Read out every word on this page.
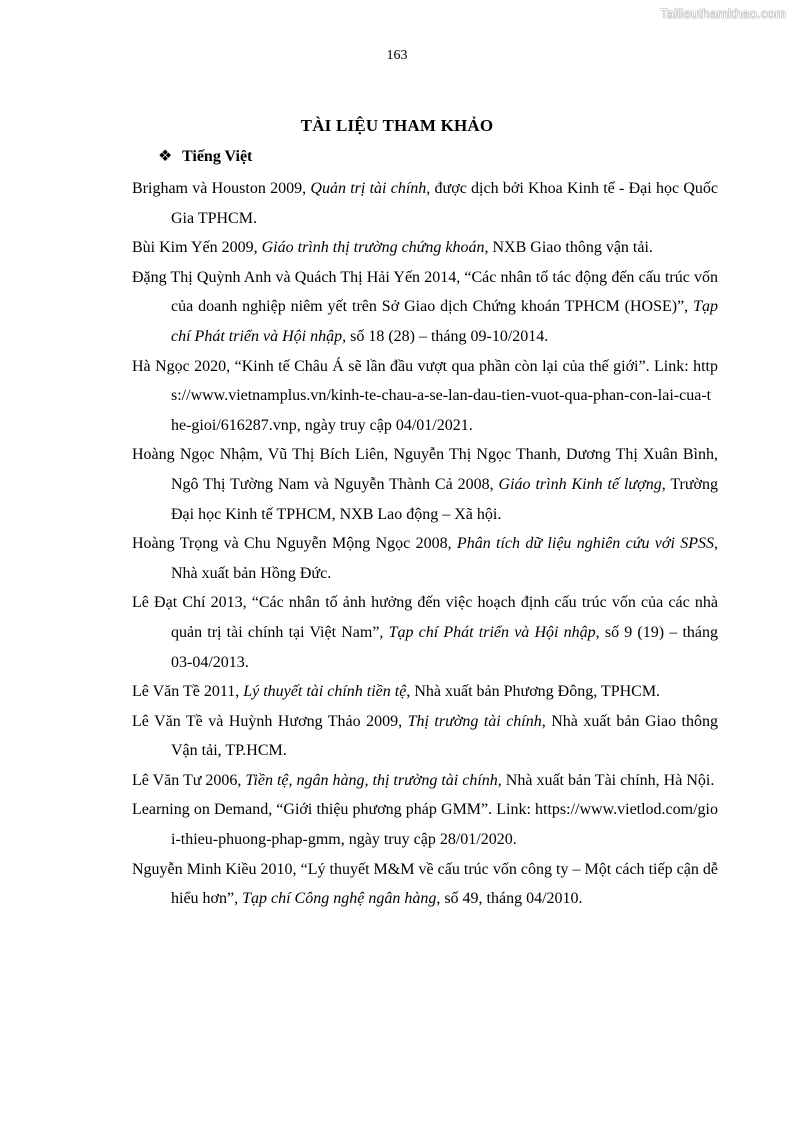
Tailieuthamkhao.com
163
TÀI LIỆU THAM KHẢO
❖ Tiếng Việt
Brigham và Houston 2009, Quản trị tài chính, được dịch bởi Khoa Kinh tế - Đại học Quốc Gia TPHCM.
Bùi Kim Yến 2009, Giáo trình thị trường chứng khoán, NXB Giao thông vận tải.
Đặng Thị Quỳnh Anh và Quách Thị Hải Yến 2014, “Các nhân tố tác động đến cấu trúc vốn của doanh nghiệp niêm yết trên Sở Giao dịch Chứng khoán TPHCM (HOSE)”, Tạp chí Phát triển và Hội nhập, số 18 (28) – tháng 09-10/2014.
Hà Ngọc 2020, “Kinh tế Châu Á sẽ lần đầu vượt qua phần còn lại của thế giới”. Link: https://www.vietnamplus.vn/kinh-te-chau-a-se-lan-dau-tien-vuot-qua-phan-con-lai-cua-the-gioi/616287.vnp, ngày truy cập 04/01/2021.
Hoàng Ngọc Nhậm, Vũ Thị Bích Liên, Nguyễn Thị Ngọc Thanh, Dương Thị Xuân Bình, Ngô Thị Tường Nam và Nguyễn Thành Cả 2008, Giáo trình Kinh tế lượng, Trường Đại học Kinh tế TPHCM, NXB Lao động – Xã hội.
Hoàng Trọng và Chu Nguyễn Mộng Ngọc 2008, Phân tích dữ liệu nghiên cứu với SPSS, Nhà xuất bản Hồng Đức.
Lê Đạt Chí 2013, “Các nhân tố ảnh hưởng đến việc hoạch định cấu trúc vốn của các nhà quản trị tài chính tại Việt Nam”, Tạp chí Phát triển và Hội nhập, số 9 (19) – tháng 03-04/2013.
Lê Văn Tề 2011, Lý thuyết tài chính tiền tệ, Nhà xuất bản Phương Đông, TPHCM.
Lê Văn Tề và Huỳnh Hương Thảo 2009, Thị trường tài chính, Nhà xuất bản Giao thông Vận tải, TP.HCM.
Lê Văn Tư 2006, Tiền tệ, ngân hàng, thị trường tài chính, Nhà xuất bản Tài chính, Hà Nội.
Learning on Demand, “Giới thiệu phương pháp GMM”. Link: https://www.vietlod.com/gioi-thieu-phuong-phap-gmm, ngày truy cập 28/01/2020.
Nguyễn Minh Kiều 2010, “Lý thuyết M&M về cấu trúc vốn công ty – Một cách tiếp cận dễ hiểu hơn”, Tạp chí Công nghệ ngân hàng, số 49, tháng 04/2010.
